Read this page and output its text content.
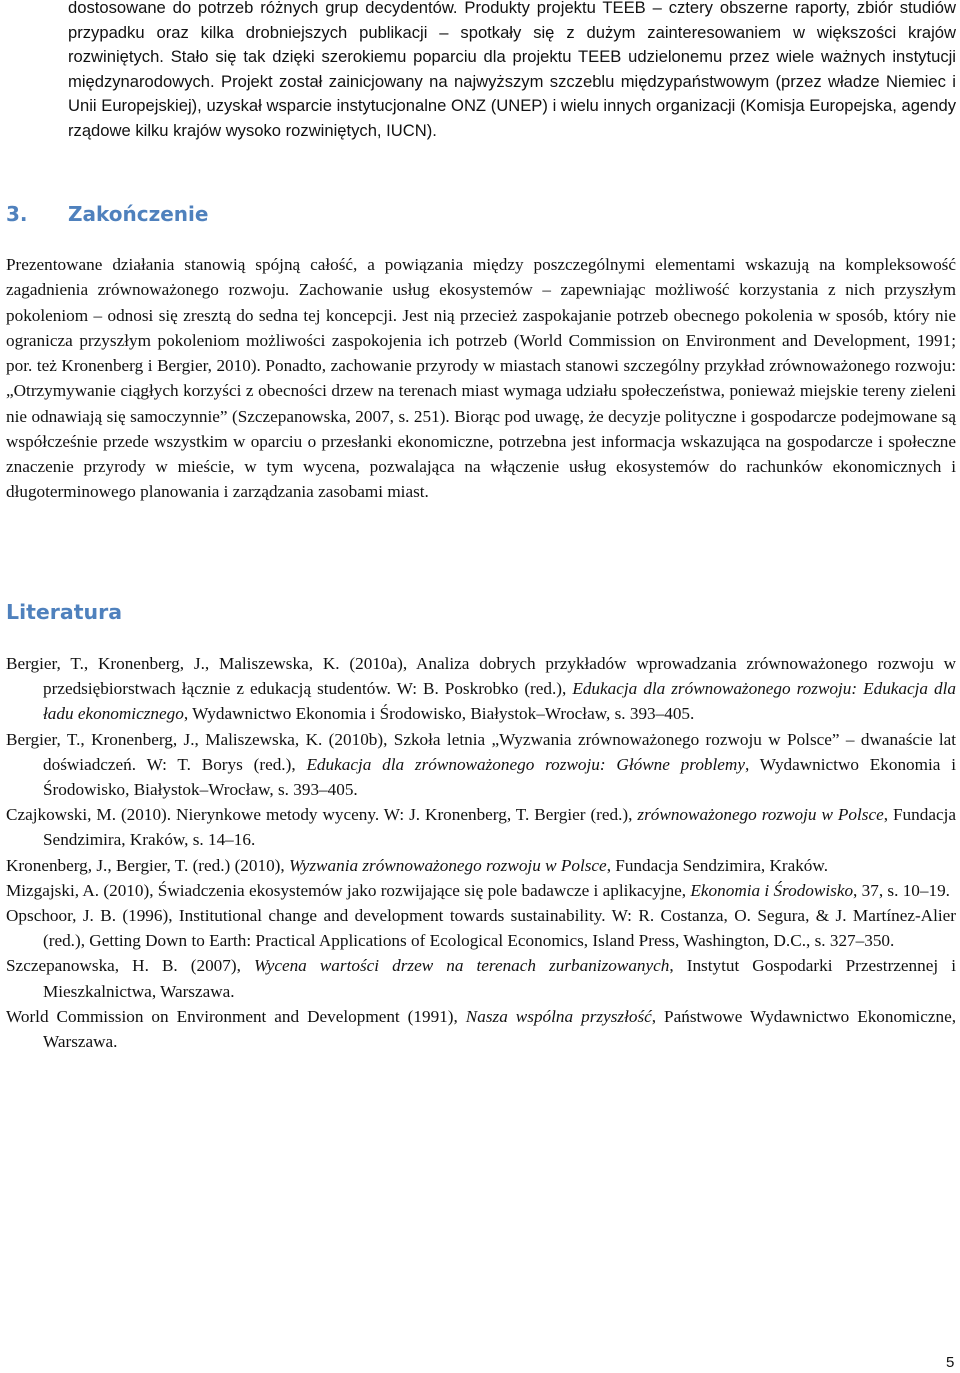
dostosowane do potrzeb różnych grup decydentów. Produkty projektu TEEB – cztery obszerne raporty, zbiór studiów przypadku oraz kilka drobniejszych publikacji – spotkały się z dużym zainteresowaniem w większości krajów rozwiniętych. Stało się tak dzięki szerokiemu poparciu dla projektu TEEB udzielonemu przez wiele ważnych instytucji międzynarodowych. Projekt został zainicjowany na najwyższym szczeblu międzypaństwowym (przez władze Niemiec i Unii Europejskiej), uzyskał wsparcie instytucjonalne ONZ (UNEP) i wielu innych organizacji (Komisja Europejska, agendy rządowe kilku krajów wysoko rozwiniętych, IUCN).

3. Zakończenie

Prezentowane działania stanowią spójną całość, a powiązania między poszczególnymi elementami wskazują na kompleksowość zagadnienia zrównoważonego rozwoju. Zachowanie usług ekosystemów – zapewniając możliwość korzystania z nich przyszłym pokoleniom – odnosi się zresztą do sedna tej koncepcji. Jest nią przecież zaspokajanie potrzeb obecnego pokolenia w sposób, który nie ogranicza przyszłym pokoleniom możliwości zaspokojenia ich potrzeb (World Commission on Environment and Development, 1991; por. też Kronenberg i Bergier, 2010). Ponadto, zachowanie przyrody w miastach stanowi szczególny przykład zrównoważonego rozwoju: „Otrzymywanie ciągłych korzyści z obecności drzew na terenach miast wymaga udziału społeczeństwa, ponieważ miejskie tereny zieleni nie odnawiają się samoczynnie” (Szczepanowska, 2007, s. 251). Biorąc pod uwagę, że decyzje polityczne i gospodarcze podejmowane są współcześnie przede wszystkim w oparciu o przesłanki ekonomiczne, potrzebna jest informacja wskazująca na gospodarcze i społeczne znaczenie przyrody w mieście, w tym wycena, pozwalająca na włączenie usług ekosystemów do rachunków ekonomicznych i długoterminowego planowania i zarządzania zasobami miast.

Literatura
Bergier, T., Kronenberg, J., Maliszewska, K. (2010a), Analiza dobrych przykładów wprowadzania zrównoważonego rozwoju w przedsiębiorstwach łącznie z edukacją studentów. W: B. Poskrobko (red.), Edukacja dla zrównoważonego rozwoju: Edukacja dla ładu ekonomicznego, Wydawnictwo Ekonomia i Środowisko, Białystok–Wrocław, s. 393–405.
Bergier, T., Kronenberg, J., Maliszewska, K. (2010b), Szkoła letnia „Wyzwania zrównoważonego rozwoju w Polsce” – dwanaście lat doświadczeń. W: T. Borys (red.), Edukacja dla zrównoważonego rozwoju: Główne problemy, Wydawnictwo Ekonomia i Środowisko, Białystok–Wrocław, s. 393–405.
Czajkowski, M. (2010). Nierynkowe metody wyceny. W: J. Kronenberg, T. Bergier (red.), zrównoważonego rozwoju w Polsce, Fundacja Sendzimira, Kraków, s. 14–16.
Kronenberg, J., Bergier, T. (red.) (2010), Wyzwania zrównoważonego rozwoju w Polsce, Fundacja Sendzimira, Kraków.
Mizgajski, A. (2010), Świadczenia ekosystemów jako rozwijające się pole badawcze i aplikacyjne, Ekonomia i Środowisko, 37, s. 10–19.
Opschoor, J. B. (1996), Institutional change and development towards sustainability. W: R. Costanza, O. Segura, & J. Martínez-Alier (red.), Getting Down to Earth: Practical Applications of Ecological Economics, Island Press, Washington, D.C., s. 327–350.
Szczepanowska, H. B. (2007), Wycena wartości drzew na terenach zurbanizowanych, Instytut Gospodarki Przestrzennej i Mieszkalnictwa, Warszawa.
World Commission on Environment and Development (1991), Nasza wspólna przyszłość, Państwowe Wydawnictwo Ekonomiczne, Warszawa.
5
